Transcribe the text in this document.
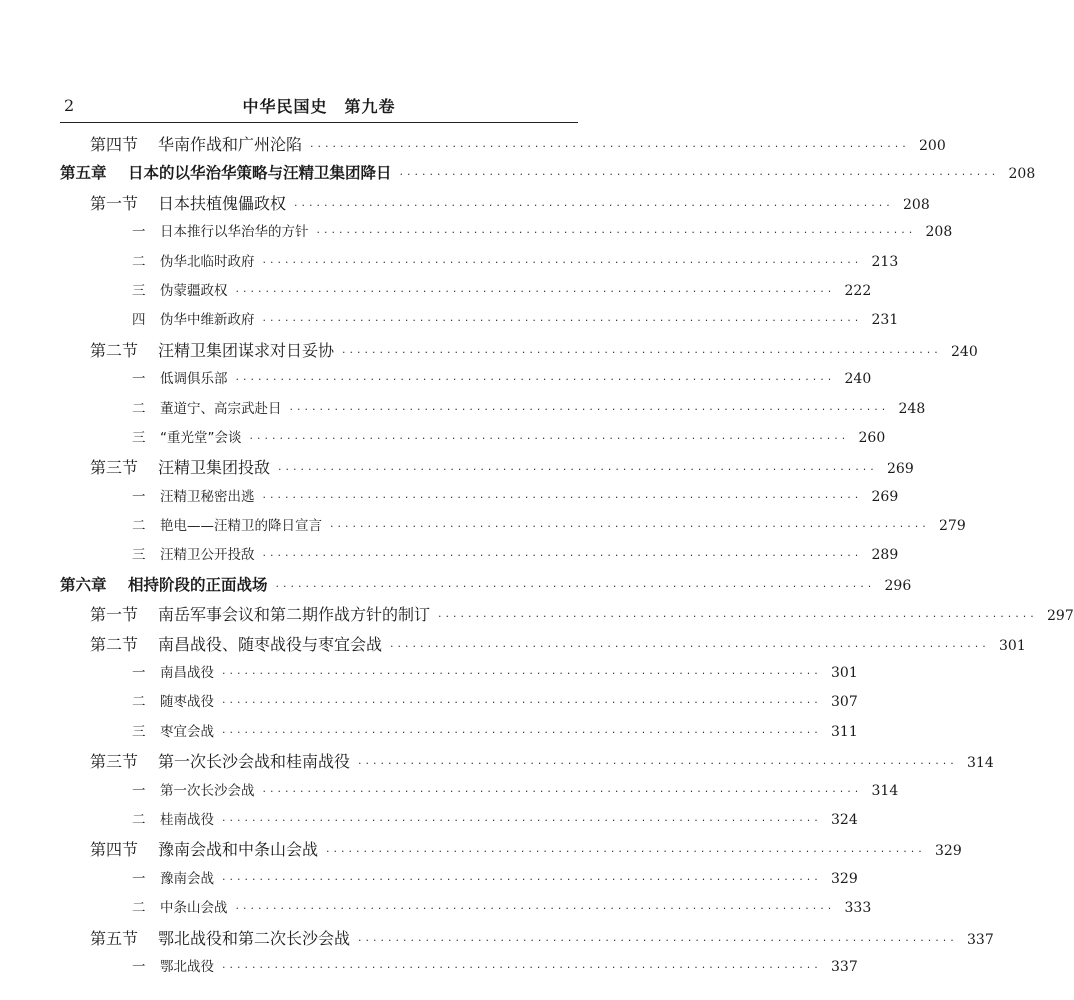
2	中华民国史　第九卷
第四节	华南作战和广州沦陷 ················································································ 200
第五章	日本的以华治华策略与汪精卫集团降日 ················································································ 208
第一节	日本扶植傀儡政权 ················································································ 208
一	日本推行以华治华的方针 ················································································ 208
二	伪华北临时政府 ················································································ 213
三	伪蒙疆政权 ················································································ 222
四	伪华中维新政府 ················································································ 231
第二节	汪精卫集团谋求对日妥协 ················································································ 240
一	低调俱乐部 ················································································ 240
二	董道宁、高宗武赴日 ················································································ 248
三	“重光堂”会谈 ················································································ 260
第三节	汪精卫集团投敌 ················································································ 269
一	汪精卫秘密出逃 ················································································ 269
二	艳电——汪精卫的降日宣言 ················································································ 279
三	汪精卫公开投敌 ················································································ 289
第六章	相持阶段的正面战场 ················································································ 296
第一节	南岳军事会议和第二期作战方针的制订 ················································································ 297
第二节	南昌战役、随枣战役与枣宜会战 ················································································ 301
一	南昌战役 ················································································ 301
二	随枣战役 ················································································ 307
三	枣宜会战 ················································································ 311
第三节	第一次长沙会战和桂南战役 ················································································ 314
一	第一次长沙会战 ················································································ 314
二	桂南战役 ················································································ 324
第四节	豫南会战和中条山会战 ················································································ 329
一	豫南会战 ················································································ 329
二	中条山会战 ················································································ 333
第五节	鄂北战役和第二次长沙会战 ················································································ 337
一	鄂北战役 ················································································ 337
